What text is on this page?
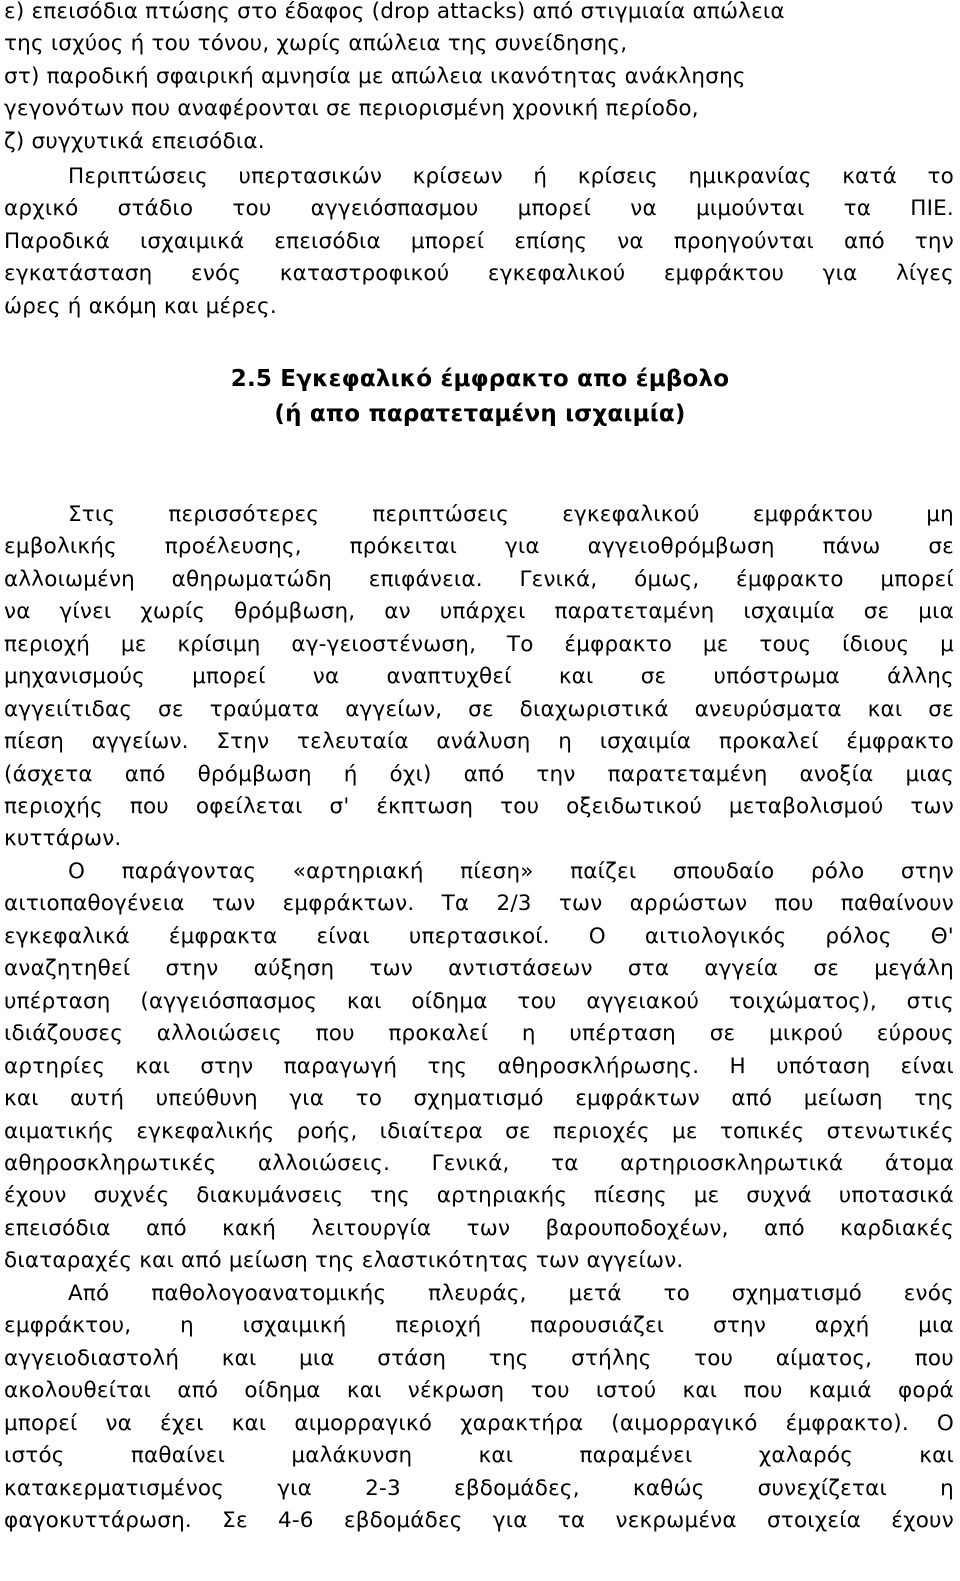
ε) επεισόδια πτώσης στο έδαφος (drop attacks) από στιγμιαία απώλεια
της ισχύος ή του τόνου, χωρίς απώλεια της συνείδησης,
στ) παροδική σφαιρική αμνησία με απώλεια ικανότητας ανάκλησης
γεγονότων που αναφέρονται σε περιορισμένη χρονική περίοδο,
ζ) συγχυτικά επεισόδια.
Περιπτώσεις υπερτασικών κρίσεων ή κρίσεις ημικρανίας κατά το
αρχικό στάδιο του αγγειόσπασμου μπορεί να μιμούνται τα ΠΙΕ.
Παροδικά ισχαιμικά επεισόδια μπορεί επίσης να προηγούνται από την
εγκατάσταση ενός καταστροφικού εγκεφαλικού εμφράκτου για λίγες
ώρες ή ακόμη και μέρες.
2.5 Εγκεφαλικό έμφρακτο απο έμβολο
(ή απο παρατεταμένη ισχαιμία)
Στις περισσότερες περιπτώσεις εγκεφαλικού εμφράκτου μη
εμβολικής προέλευσης, πρόκειται για αγγειοθρόμβωση πάνω σε
αλλοιωμένη αθηρωματώδη επιφάνεια. Γενικά, όμως, έμφρακτο μπορεί
να γίνει χωρίς θρόμβωση, αν υπάρχει παρατεταμένη ισχαιμία σε μια
περιοχή με κρίσιμη αγ-γειοστένωση, Το έμφρακτο με τους ίδιους μ
μηχανισμούς μπορεί να αναπτυχθεί και σε υπόστρωμα άλλης
αγγειίτιδας σε τραύματα αγγείων, σε διαχωριστικά ανευρύσματα και σε
πίεση αγγείων. Στην τελευταία ανάλυση η ισχαιμία προκαλεί έμφρακτο
(άσχετα από θρόμβωση ή όχι) από την παρατεταμένη ανοξία μιας
περιοχής που οφείλεται σ' έκπτωση του οξειδωτικού μεταβολισμού των
κυττάρων.
Ο παράγοντας «αρτηριακή πίεση» παίζει σπουδαίο ρόλο στην
αιτιοπαθογένεια των εμφράκτων. Τα 2/3 των αρρώστων που παθαίνουν
εγκεφαλικά έμφρακτα είναι υπερτασικοί. Ο αιτιολογικός ρόλος Θ'
αναζητηθεί στην αύξηση των αντιστάσεων στα αγγεία σε μεγάλη
υπέρταση (αγγειόσπασμος και οίδημα του αγγειακού τοιχώματος), στις
ιδιάζουσες αλλοιώσεις που προκαλεί η υπέρταση σε μικρού εύρους
αρτηρίες και στην παραγωγή της αθηροσκλήρωσης. Η υπόταση είναι
και αυτή υπεύθυνη για το σχηματισμό εμφράκτων από μείωση της
αιματικής εγκεφαλικής ροής, ιδιαίτερα σε περιοχές με τοπικές στενωτικές
αθηροσκληρωτικές αλλοιώσεις. Γενικά, τα αρτηριοσκληρωτικά άτομα
έχουν συχνές διακυμάνσεις της αρτηριακής πίεσης με συχνά υποτασικά
επεισόδια από κακή λειτουργία των βαρουποδοχέων, από καρδιακές
διαταραχές και από μείωση της ελαστικότητας των αγγείων.
Από παθολογοανατομικής πλευράς, μετά το σχηματισμό ενός
εμφράκτου, η ισχαιμική περιοχή παρουσιάζει στην αρχή μια
αγγειοδιαστολή και μια στάση της στήλης του αίματος, που
ακολουθείται από οίδημα και νέκρωση του ιστού και που καμιά φορά
μπορεί να έχει και αιμορραγικό χαρακτήρα (αιμορραγικό έμφρακτο). Ο
ιστός	παθαίνει	μαλάκυνση	και	παραμένει	χαλαρός	και
κατακερματισμένος για 2-3 εβδομάδες, καθώς συνεχίζεται η
φαγοκυττάρωση. Σε 4-6 εβδομάδες για τα νεκρωμένα στοιχεία έχουν
